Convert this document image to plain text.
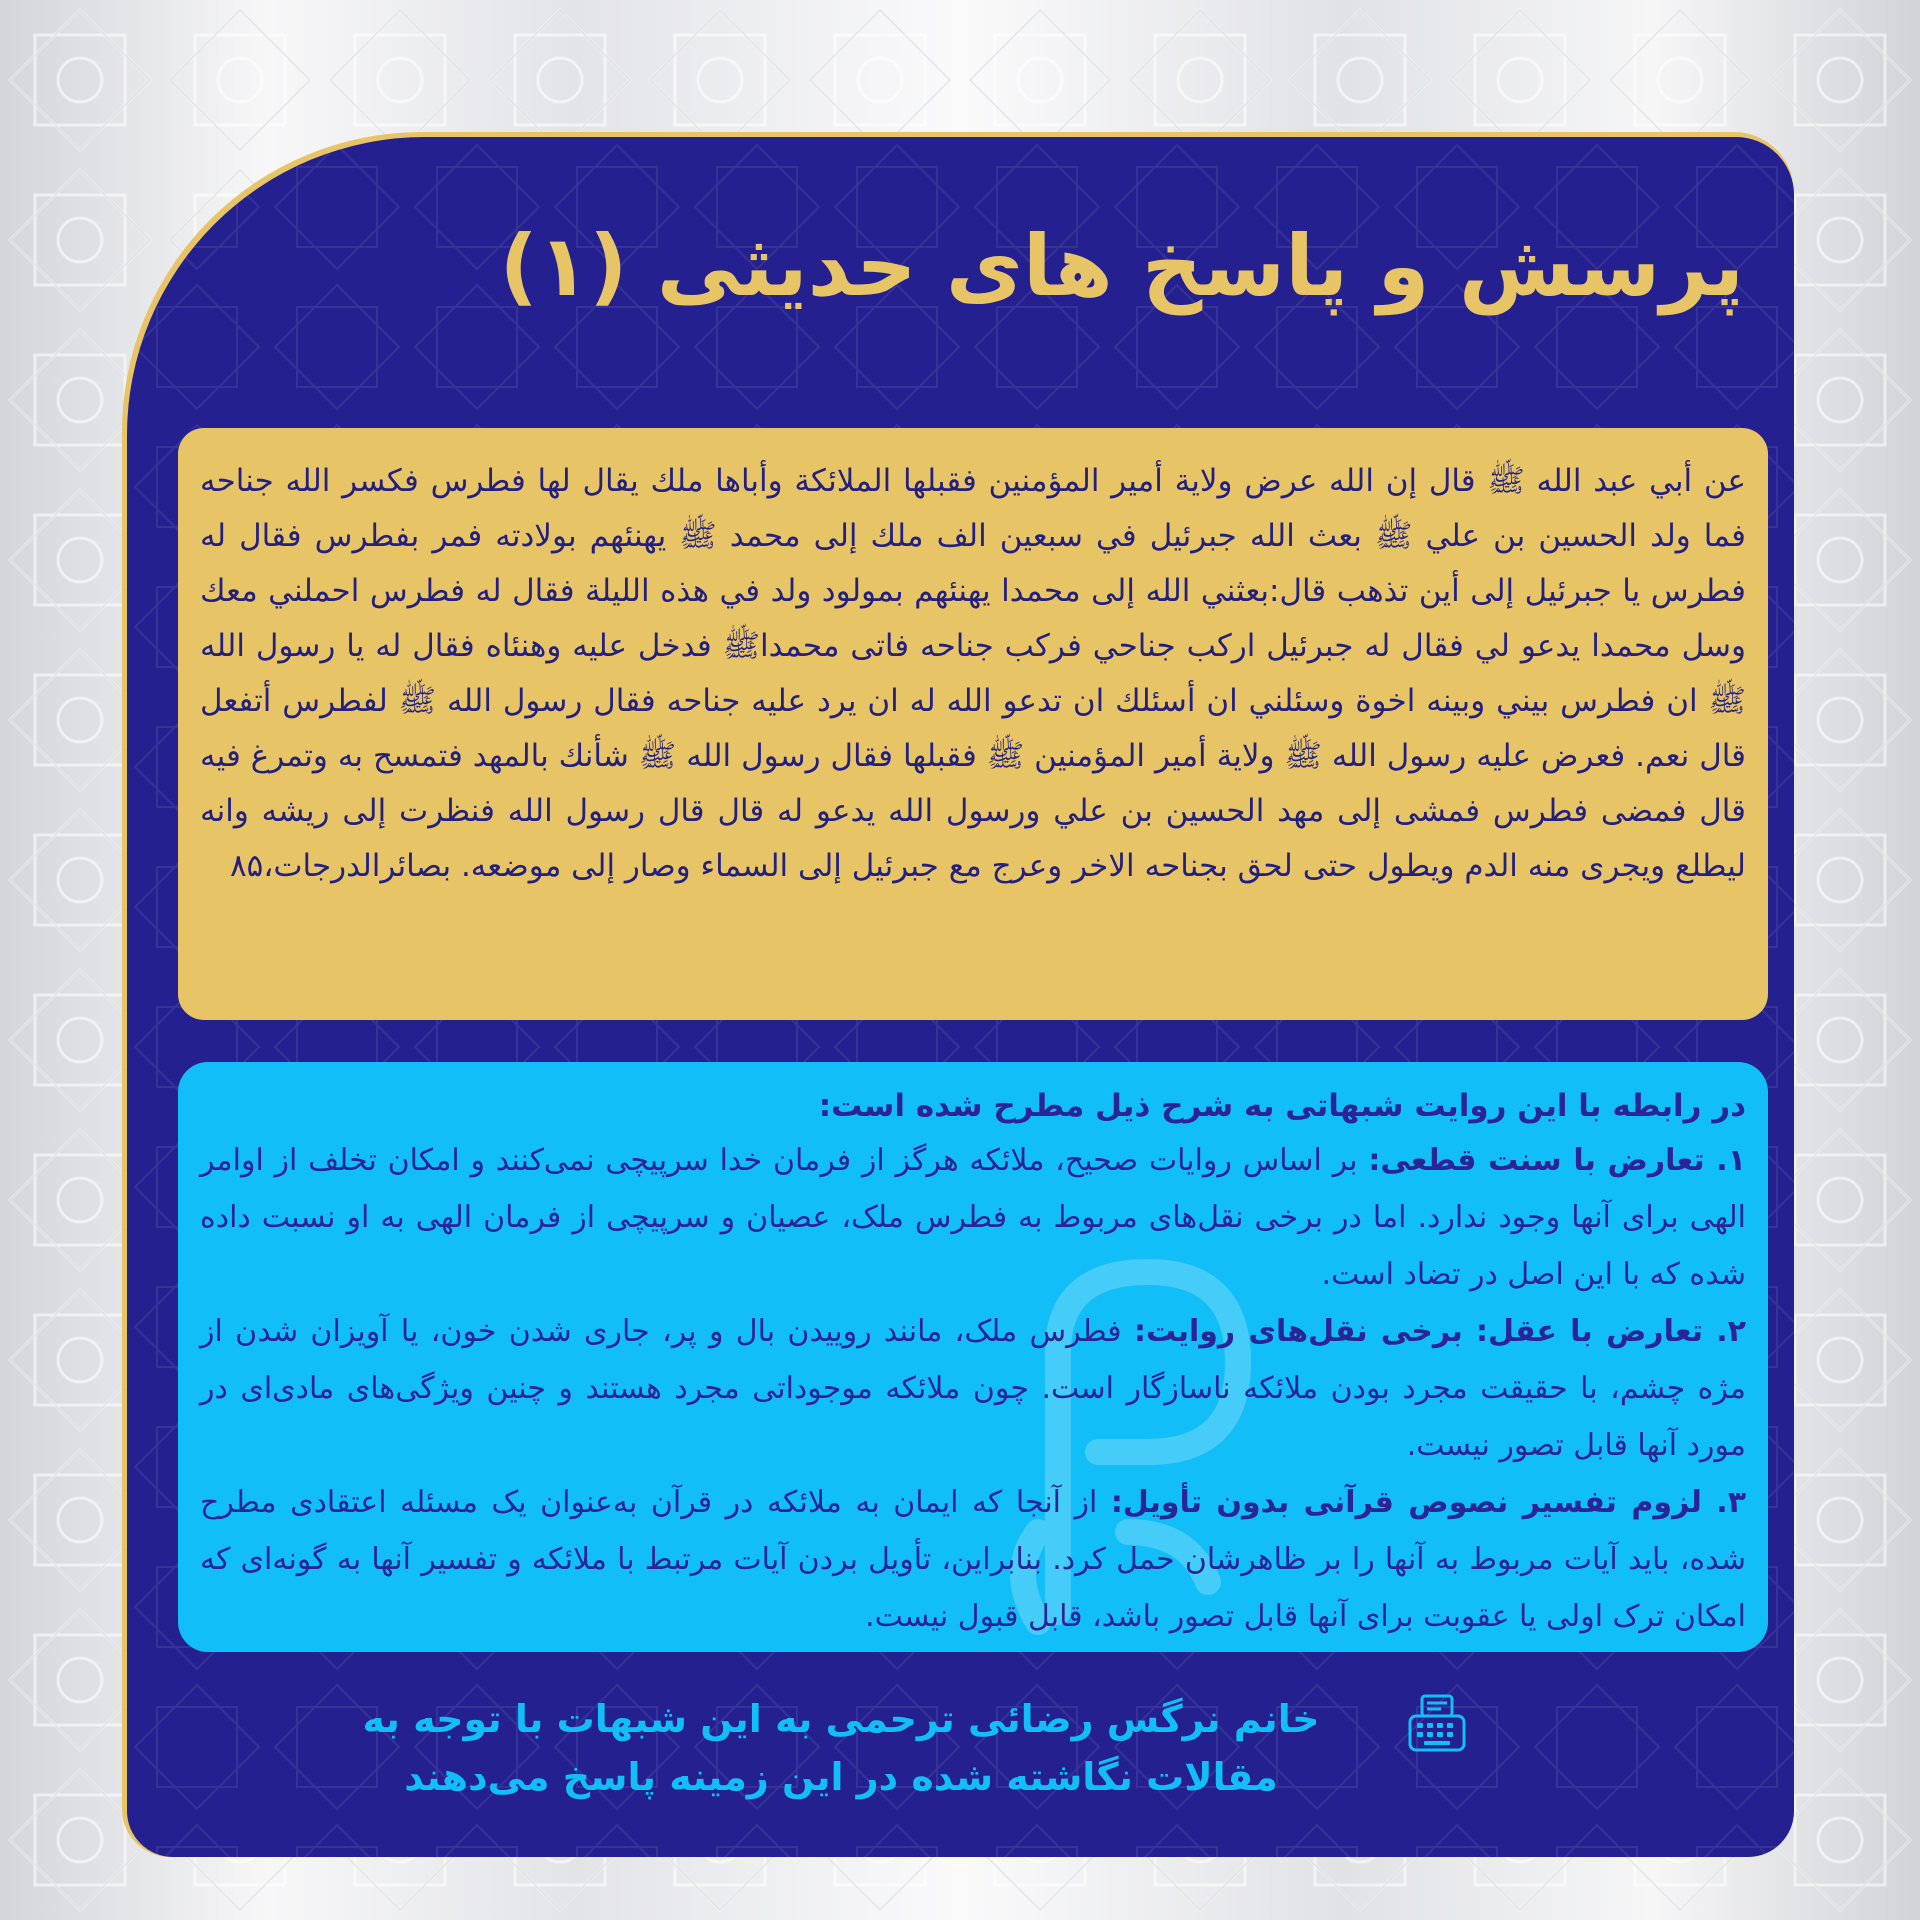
پرسش و پاسخ های حدیثی (۱)

عن أبي عبد الله ﷺ قال إن الله عرض ولاية أمير المؤمنين فقبلها الملائكة وأباها ملك يقال لها فطرس فكسر الله جناحه فما ولد الحسين بن علي ﷺ بعث الله جبرئيل في سبعين الف ملك إلى محمد ﷺ يهنئهم بولادته فمر بفطرس فقال له فطرس يا جبرئيل إلى أين تذهب قال:بعثني الله إلى محمدا يهنئهم بمولود ولد في هذه الليلة فقال له فطرس احملني معك وسل محمدا يدعو لي فقال له جبرئيل اركب جناحي فركب جناحه فاتى محمداﷺ فدخل عليه وهنئاه فقال له يا رسول الله ﷺ ان فطرس بيني وبينه اخوة وسئلني ان أسئلك ان تدعو الله له ان يرد عليه جناحه فقال رسول الله ﷺ لفطرس أتفعل قال نعم. فعرض عليه رسول الله ﷺ ولاية أمير المؤمنين ﷺ فقبلها فقال رسول الله ﷺ شأنك بالمهد فتمسح به وتمرغ فيه قال فمضى فطرس فمشى إلى مهد الحسين بن علي ورسول الله يدعو له قال قال رسول الله فنظرت إلى ريشه وانه ليطلع ويجرى منه الدم ويطول حتى لحق بجناحه الاخر وعرج مع جبرئيل إلى السماء وصار إلى موضعه. بصائرالدرجات،۸۵

در رابطه با این روایت شبهاتی به شرح ذیل مطرح شده است:

۱. تعارض با سنت قطعی: بر اساس روایات صحیح، ملائکه هرگز از فرمان خدا سرپیچی نمی‌کنند و امکان تخلف از اوامر الهی برای آنها وجود ندارد. اما در برخی نقل‌های مربوط به فطرس ملک، عصیان و سرپیچی از فرمان الهی به او نسبت داده شده که با این اصل در تضاد است.

۲. تعارض با عقل: برخی نقل‌های روایت: فطرس ملک، مانند روییدن بال و پر، جاری شدن خون، یا آویزان شدن از مژه چشم، با حقیقت مجرد بودن ملائکه ناسازگار است. چون ملائکه موجوداتی مجرد هستند و چنین ویژگی‌های مادی‌ای در مورد آنها قابل تصور نیست.

۳. لزوم تفسیر نصوص قرآنی بدون تأویل: از آنجا که ایمان به ملائکه در قرآن به‌عنوان یک مسئله اعتقادی مطرح شده، باید آیات مربوط به آنها را بر ظاهرشان حمل کرد. بنابراین، تأویل بردن آیات مرتبط با ملائکه و تفسیر آنها به گونه‌ای که امکان ترک اولی یا عقوبت برای آنها قابل تصور باشد، قابل قبول نیست.

خانم نرگس رضائی ترحمی به این شبهات با توجه به مقالات نگاشته شده در این زمینه پاسخ می‌دهند
